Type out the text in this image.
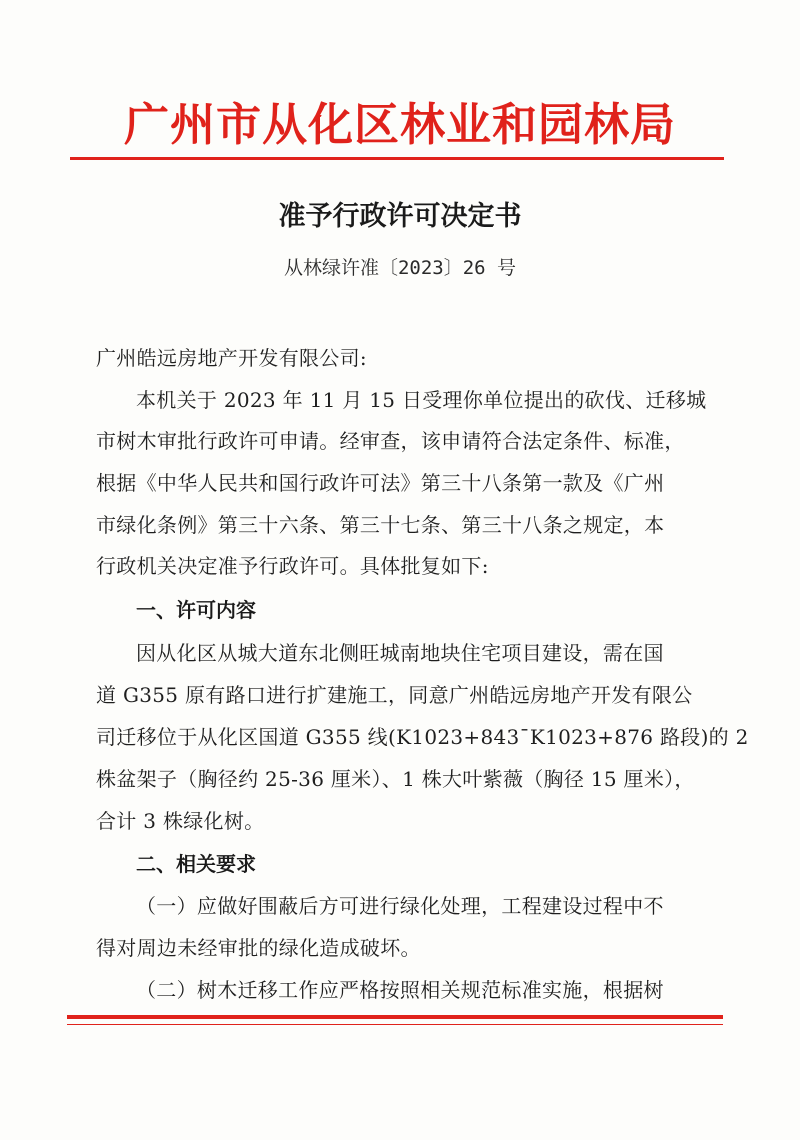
广州市从化区林业和园林局
准予行政许可决定书
从林绿许准〔2023〕26 号
广州皓远房地产开发有限公司:
本机关于 2023 年 11 月 15 日受理你单位提出的砍伐、迁移城
市树木审批行政许可申请。经审查，该申请符合法定条件、标准，
根据《中华人民共和国行政许可法》第三十八条第一款及《广州
市绿化条例》第三十六条、第三十七条、第三十八条之规定，本
行政机关决定准予行政许可。具体批复如下:
一、许可内容
因从化区从城大道东北侧旺城南地块住宅项目建设，需在国
道 G355 原有路口进行扩建施工，同意广州皓远房地产开发有限公
司迁移位于从化区国道 G355 线(K1023+843¯K1023+876 路段)的 2
株盆架子（胸径约 25-36 厘米）、1 株大叶紫薇（胸径 15 厘米），
合计 3 株绿化树。
二、相关要求
（一）应做好围蔽后方可进行绿化处理，工程建设过程中不
得对周边未经审批的绿化造成破坏。
（二）树木迁移工作应严格按照相关规范标准实施，根据树
